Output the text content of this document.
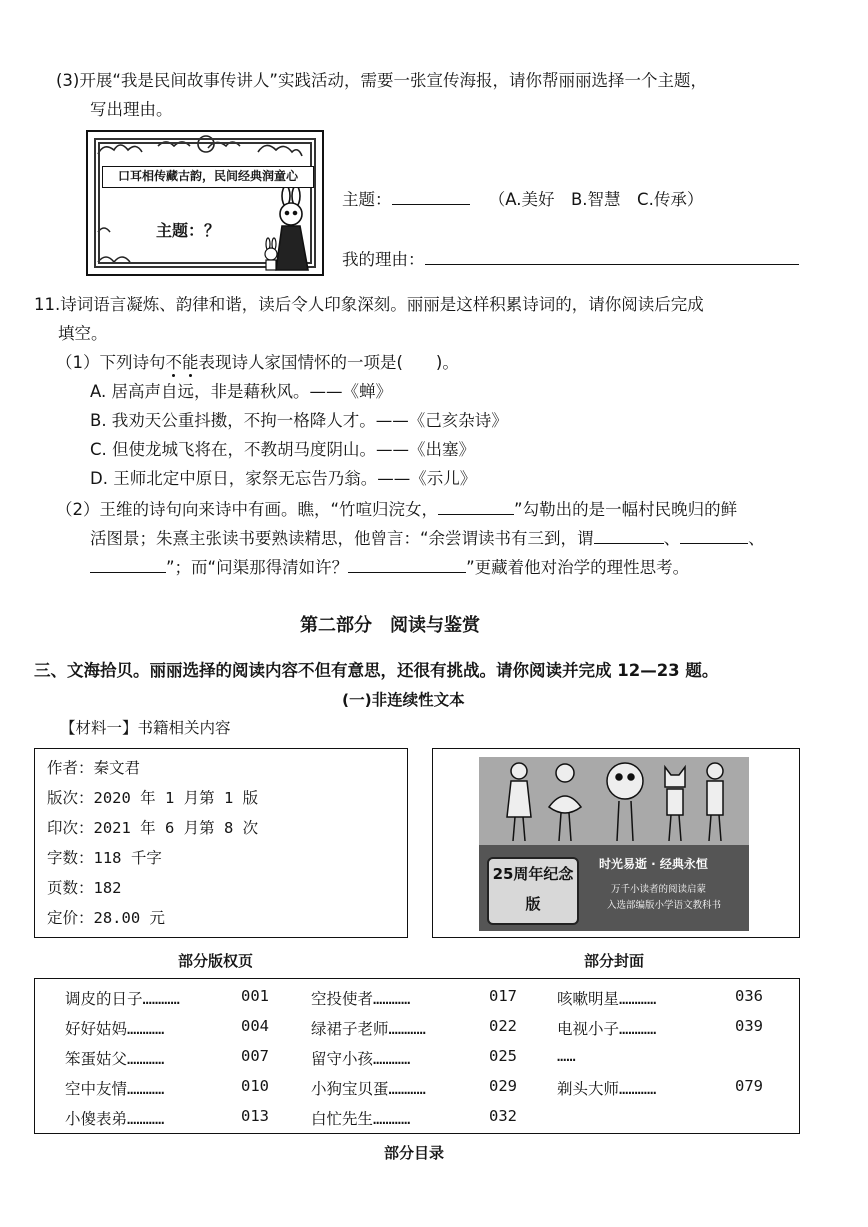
(3)开展“我是民间故事传讲人”实践活动，需要一张宣传海报，请你帮丽丽选择一个主题，
写出理由。
口耳相传藏古韵，民间经典润童心
主题：？
主题：	（A.美好　B.智慧　C.传承）
我的理由：
11.诗词语言凝炼、韵律和谐，读后令人印象深刻。丽丽是这样积累诗词的，请你阅读后完成
填空。
（1）下列诗句不能表现诗人家国情怀的一项是(　　)。
A. 居高声自远，非是藉秋风。——《蝉》
B. 我劝天公重抖擞，不拘一格降人才。——《己亥杂诗》
C. 但使龙城飞将在，不教胡马度阴山。——《出塞》
D. 王师北定中原日，家祭无忘告乃翁。——《示儿》
（2）王维的诗句向来诗中有画。瞧，“竹喧归浣女，	”勾勒出的是一幅村民晚归的鲜
活图景；朱熹主张读书要熟读精思，他曾言：“余尝谓读书有三到，谓	、	、
”；而“问渠那得清如许？	”更藏着他对治学的理性思考。
第二部分　阅读与鉴赏
三、文海拾贝。丽丽选择的阅读内容不但有意思，还很有挑战。请你阅读并完成 12—23 题。
(一)非连续性文本
【材料一】书籍相关内容
作者：秦文君
版次：2020 年 1 月第 1 版
印次：2021 年 6 月第 8 次
字数：118 千字
页数：182
定价：28.00 元
部分版权页
25周年纪念版
时光易逝 · 经典永恒
万千小读者的阅读启蒙
入选部编版小学语文教科书
部分封面
调皮的日子…………	001
好好姑妈…………	004
笨蛋姑父…………	007
空中友情…………	010
小傻表弟…………	013
空投使者…………	017
绿裙子老师…………	022
留守小孩…………	025
小狗宝贝蛋…………	029
白忙先生…………	032
咳嗽明星…………	036
电视小子…………	039
……
剃头大师…………	079
部分目录
